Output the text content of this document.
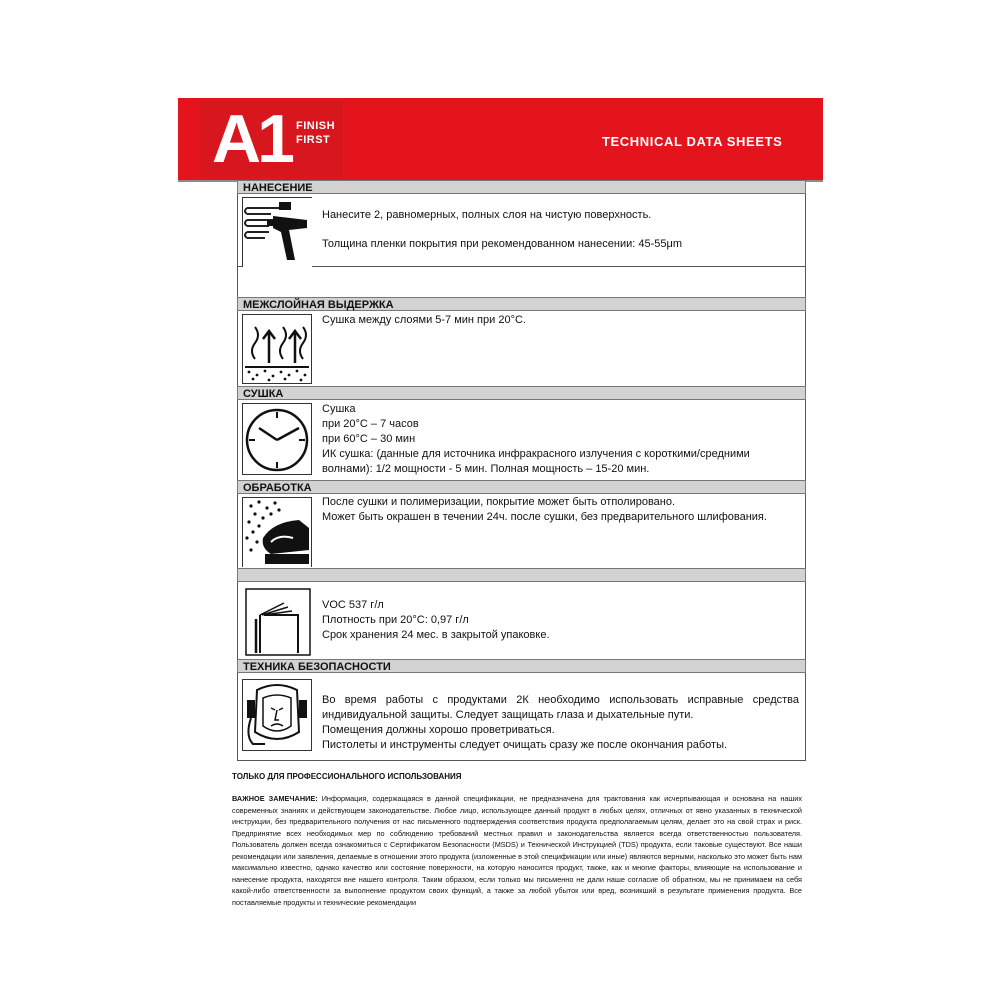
A1 FINISH
FIRST	TECHNICAL DATA SHEETS
НАНЕСЕНИЕ
Нанесите 2, равномерных, полных слоя на чистую поверхность.
Толщина пленки покрытия при рекомендованном нанесении: 45-55μm
МЕЖСЛОЙНАЯ ВЫДЕРЖКА
Сушка между слоями 5-7 мин при 20°С.
СУШКА
Сушка
при 20°С – 7 часов
при 60°С – 30 мин
ИК сушка: (данные для источника инфракрасного излучения с короткими/средними
волнами): 1/2 мощности - 5 мин. Полная мощность – 15-20 мин.
ОБРАБОТКА
После сушки и полимеризации, покрытие может быть отполировано.
Может быть окрашен в течении 24ч. после сушки, без предварительного шлифования.
VOC 537 г/л
Плотность при 20°С: 0,97 г/л
Срок хранения 24 мес. в закрытой упаковке.
ТЕХНИКА БЕЗОПАСНОСТИ
Во время работы с продуктами 2К необходимо использовать исправные средства индивидуальной защиты. Следует защищать глаза и дыхательные пути.
Помещения должны хорошо проветриваться.
Пистолеты и инструменты следует очищать сразу же после окончания работы.
ТОЛЬКО ДЛЯ ПРОФЕССИОНАЛЬНОГО ИСПОЛЬЗОВАНИЯ
ВАЖНОЕ ЗАМЕЧАНИЕ: Информация, содержащаяся в данной спецификации, не предназначена для трактования как исчерпывающая и основана на наших современных знаниях и действующем законодательстве. Любое лицо, использующее данный продукт в любых целях, отличных от явно указанных в технической инструкции, без предварительного получения от нас письменного подтверждения соответствия продукта предполагаемым целям, делает это на свой страх и риск. Предпринятие всех необходимых мер по соблюдению требований местных правил и законодательства является всегда ответственностью пользователя. Пользователь должен всегда ознакомиться с Сертификатом Безопасности (MSDS) и Технической Инструкцией (TDS) продукта, если таковые существуют. Все наши рекомендации или заявления, делаемые в отношении этого продукта (изложенные в этой спецификации или иные) являются верными, насколько это может быть нам максимально известно, однако качество или состояние поверхности, на которую наносится продукт, также, как и многие факторы, влияющие на использование и нанесение продукта, находятся вне нашего контроля. Таким образом, если только мы письменно не дали наше согласие об обратном, мы не принимаем на себя какой-либо ответственности за выполнение продуктом своих функций, а также за любой убыток или вред, возникший в результате применения продукта. Все поставляемые продукты и технические рекомендации
